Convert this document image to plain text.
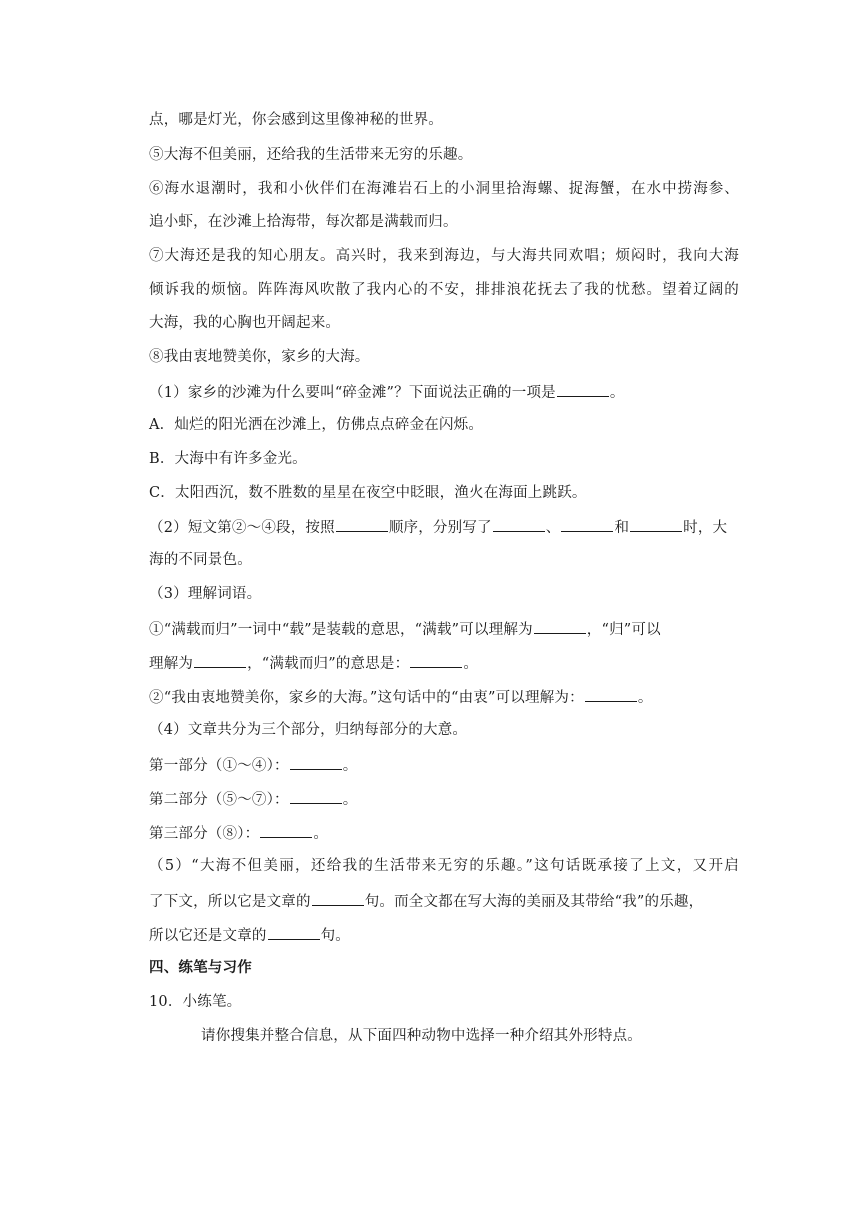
点，哪是灯光，你会感到这里像神秘的世界。
⑤大海不但美丽，还给我的生活带来无穷的乐趣。
⑥海水退潮时，我和小伙伴们在海滩岩石上的小洞里拾海螺、捉海蟹，在水中捞海参、
追小虾，在沙滩上拾海带，每次都是满载而归。
⑦大海还是我的知心朋友。高兴时，我来到海边，与大海共同欢唱；烦闷时，我向大海
倾诉我的烦恼。阵阵海风吹散了我内心的不安，排排浪花抚去了我的忧愁。望着辽阔的
大海，我的心胸也开阔起来。
⑧我由衷地赞美你，家乡的大海。
（1）家乡的沙滩为什么要叫“碎金滩”？下面说法正确的一项是	。
A．灿烂的阳光洒在沙滩上，仿佛点点碎金在闪烁。
B．大海中有许多金光。
C．太阳西沉，数不胜数的星星在夜空中眨眼，渔火在海面上跳跃。
（2）短文第②～④段，按照	顺序，分别写了	、	和	时，大
海的不同景色。
（3）理解词语。
①“满载而归”一词中“载”是装载的意思，“满载”可以理解为	，“归”可以
理解为	，“满载而归”的意思是：	。
②“我由衷地赞美你，家乡的大海。”这句话中的“由衷”可以理解为：	。
（4）文章共分为三个部分，归纳每部分的大意。
第一部分（①～④）：	。
第二部分（⑤～⑦）：	。
第三部分（⑧）：	。
（5）“大海不但美丽，还给我的生活带来无穷的乐趣。”这句话既承接了上文，又开启
了下文，所以它是文章的	句。而全文都在写大海的美丽及其带给“我”的乐趣，
所以它还是文章的	句。
四、练笔与习作
10．小练笔。
请你搜集并整合信息，从下面四种动物中选择一种介绍其外形特点。
